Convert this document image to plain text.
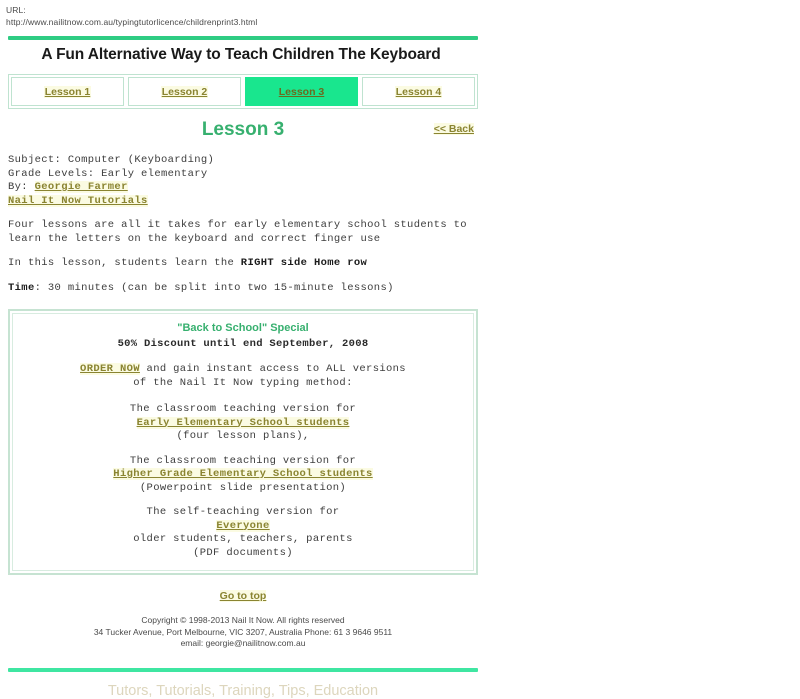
URL:
http://www.nailitnow.com.au/typingtutorlicence/childrenprint3.html
A Fun Alternative Way to Teach Children The Keyboard
Lesson 1	Lesson 2	Lesson 3	Lesson 4
Lesson 3	<< Back
Subject: Computer (Keyboarding)
Grade Levels: Early elementary
By: Georgie Farmer
Nail It Now Tutorials
Four lessons are all it takes for early elementary school students to learn the letters on the keyboard and correct finger use
In this lesson, students learn the RIGHT side Home row
Time: 30 minutes (can be split into two 15-minute lessons)
"Back to School" Special
50% Discount until end September, 2008
ORDER NOW and gain instant access to ALL versions
of the Nail It Now typing method:
The classroom teaching version for
Early Elementary School students
(four lesson plans),
The classroom teaching version for
Higher Grade Elementary School students
(Powerpoint slide presentation)
The self-teaching version for
Everyone
older students, teachers, parents
(PDF documents)
Go to top
Copyright © 1998-2013 Nail It Now. All rights reserved
34 Tucker Avenue, Port Melbourne, VIC 3207, Australia Phone: 61 3 9646 9511
email: georgie@nailitnow.com.au
Tutors, Tutorials, Training, Tips, Education
